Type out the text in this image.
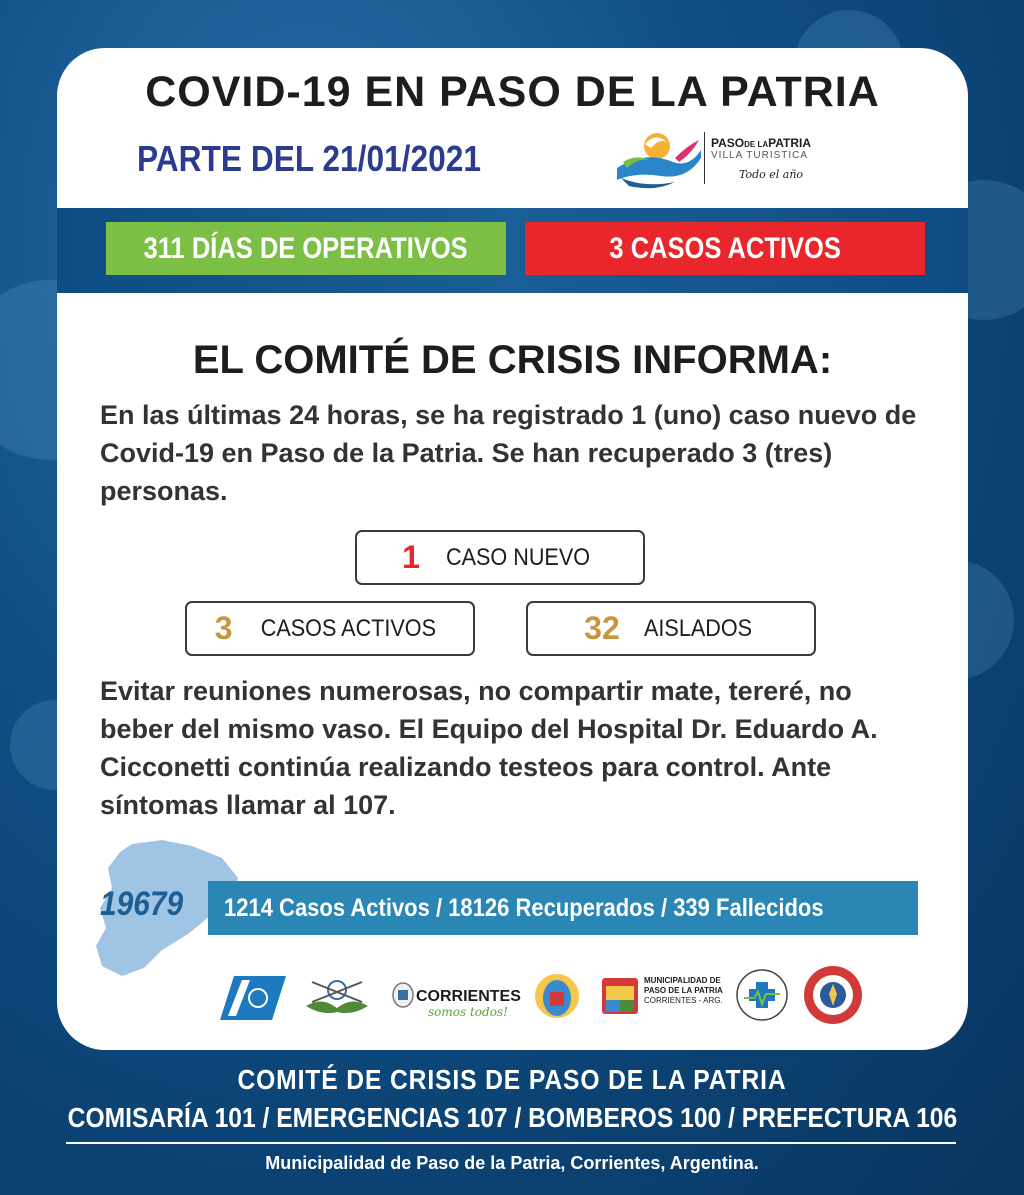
COVID-19 EN PASO DE LA PATRIA
PARTE DEL 21/01/2021	PASODE LAPATRIA
VILLA TURISTICA
Todo el año
311 DÍAS DE OPERATIVOS	3 CASOS ACTIVOS
EL COMITÉ DE CRISIS INFORMA:
En las últimas 24 horas, se ha registrado 1 (uno) caso nuevo de Covid-19 en Paso de la Patria. Se han recuperado 3 (tres) personas.
1 CASO NUEVO
3 CASOS ACTIVOS	32 AISLADOS
Evitar reuniones numerosas, no compartir mate, tereré, no beber del mismo vaso. El Equipo del Hospital Dr. Eduardo A. Cicconetti continúa realizando testeos para control. Ante síntomas llamar al 107.
19679 1214 Casos Activos / 18126 Recuperados / 339 Fallecidos
CORRIENTES
somos todos!
MUNICIPALIDAD DE
PASO DE LA PATRIA
CORRIENTES - ARG.
COMITÉ DE CRISIS DE PASO DE LA PATRIA
COMISARÍA 101 / EMERGENCIAS 107 / BOMBEROS 100 / PREFECTURA 106
Municipalidad de Paso de la Patria, Corrientes, Argentina.
